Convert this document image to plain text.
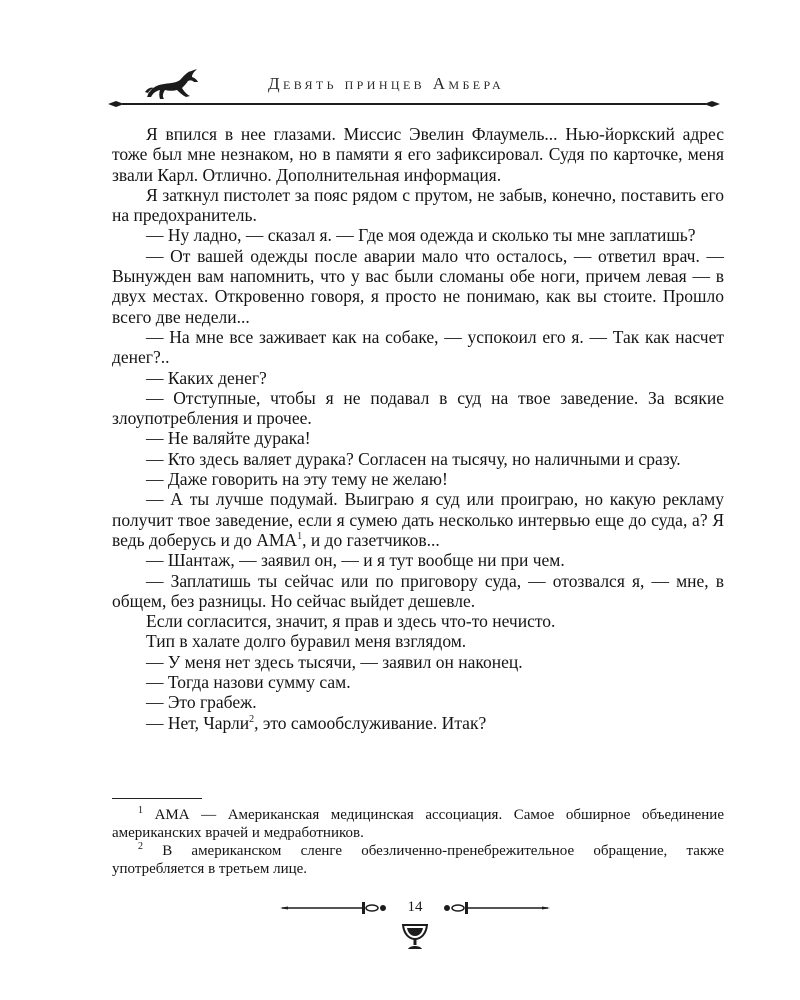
Девять принцев Амбера

Я впился в нее глазами. Миссис Эвелин Флаумель... Нью-йоркский адрес тоже был мне незнаком, но в памяти я его зафиксировал. Судя по карточке, меня звали Карл. Отлично. Дополнительная информация.

Я заткнул пистолет за пояс рядом с прутом, не забыв, конечно, поставить его на предохранитель.

— Ну ладно, — сказал я. — Где моя одежда и сколько ты мне заплатишь?

— От вашей одежды после аварии мало что осталось, — ответил врач. — Вынужден вам напомнить, что у вас были сломаны обе ноги, причем левая — в двух местах. Откровенно говоря, я просто не понимаю, как вы стоите. Прошло всего две недели...

— На мне все заживает как на собаке, — успокоил его я. — Так как насчет денег?..

— Каких денег?

— Отступные, чтобы я не подавал в суд на твое заведение. За всякие злоупотребления и прочее.

— Не валяйте дурака!

— Кто здесь валяет дурака? Согласен на тысячу, но наличными и сразу.

— Даже говорить на эту тему не желаю!

— А ты лучше подумай. Выиграю я суд или проиграю, но какую рекламу получит твое заведение, если я сумею дать несколько интервью еще до суда, а? Я ведь доберусь и до АМА$^1$, и до газетчиков...

— Шантаж, — заявил он, — и я тут вообще ни при чем.

— Заплатишь ты сейчас или по приговору суда, — отозвался я, — мне, в общем, без разницы. Но сейчас выйдет дешевле.

Если согласится, значит, я прав и здесь что-то нечисто.

Тип в халате долго буравил меня взглядом.

— У меня нет здесь тысячи, — заявил он наконец.

— Тогда назови сумму сам.

— Это грабеж.

— Нет, Чарли$^2$, это самообслуживание. Итак?

$^1$ АМА — Американская медицинская ассоциация. Самое обширное объединение американских врачей и медработников.

$^2$ В американском сленге обезличенно-пренебрежительное обращение, также употребляется в третьем лице.

14
